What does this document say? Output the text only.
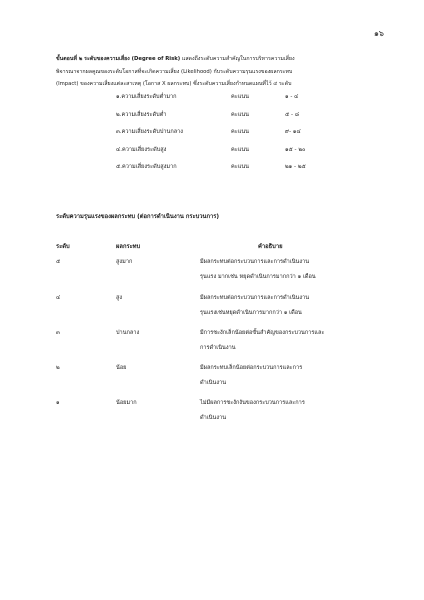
๑๖
ขั้นตอนที่ ๒ ระดับของความเสี่ยง (Degree of Risk) แสดงถึงระดับความสำคัญในการบริหารความเสี่ยง
พิจารณาจากผลคูณของระดับโอกาสที่จะเกิดความเสี่ยง (Likelihood) กับระดับความรุนแรงของผลกระทบ
(Impact) ของความเสี่ยงแต่ละสาเหตุ (โอกาส X ผลกระทบ) ซึ่งระดับความเสี่ยงกำหนดแผนที่ไว้ ๔ ระดับ
๑.ความเสี่ยงระดับต่ำมาก	คะแนน	๑ - ๔
๒.ความเสี่ยงระดับต่ำ	คะแนน	๕ - ๘
๓.ความเสี่ยงระดับปานกลาง	คะแนน	๙- ๑๔
๔.ความเสี่ยงระดับสูง	คะแนน	๑๕ - ๒๐
๕.ความเสี่ยงระดับสูงมาก	คะแนน	๒๑ - ๒๕
ระดับความรุนแรงของผลกระทบ (ต่อการดำเนินงาน กระบวนการ)
ระดับ	ผลกระทบ	คำอธิบาย
๕	สูงมาก	มีผลกระทบต่อกระบวนการและการดำเนินงาน
รุนแรง มากเช่น หยุดดำเนินการมากกว่า ๑ เดือน
๔	สูง	มีผลกระทบต่อกระบวนการและการดำเนินงาน
รุนแรงเช่นหยุดดำเนินการมากกว่า ๑ เดือน
๓	ปานกลาง	มีการชะงักเล็กน้อยต่อขั้นสำคัญของกระบวนการและ
การดำเนินงาน
๒	น้อย	มีผลกระทบเล็กน้อยต่อกระบวนการและการ
ดำเนินงาน
๑	น้อยมาก	ไม่มีผลการชะงักงันของกระบวนการและการ
ดำเนินงาน
